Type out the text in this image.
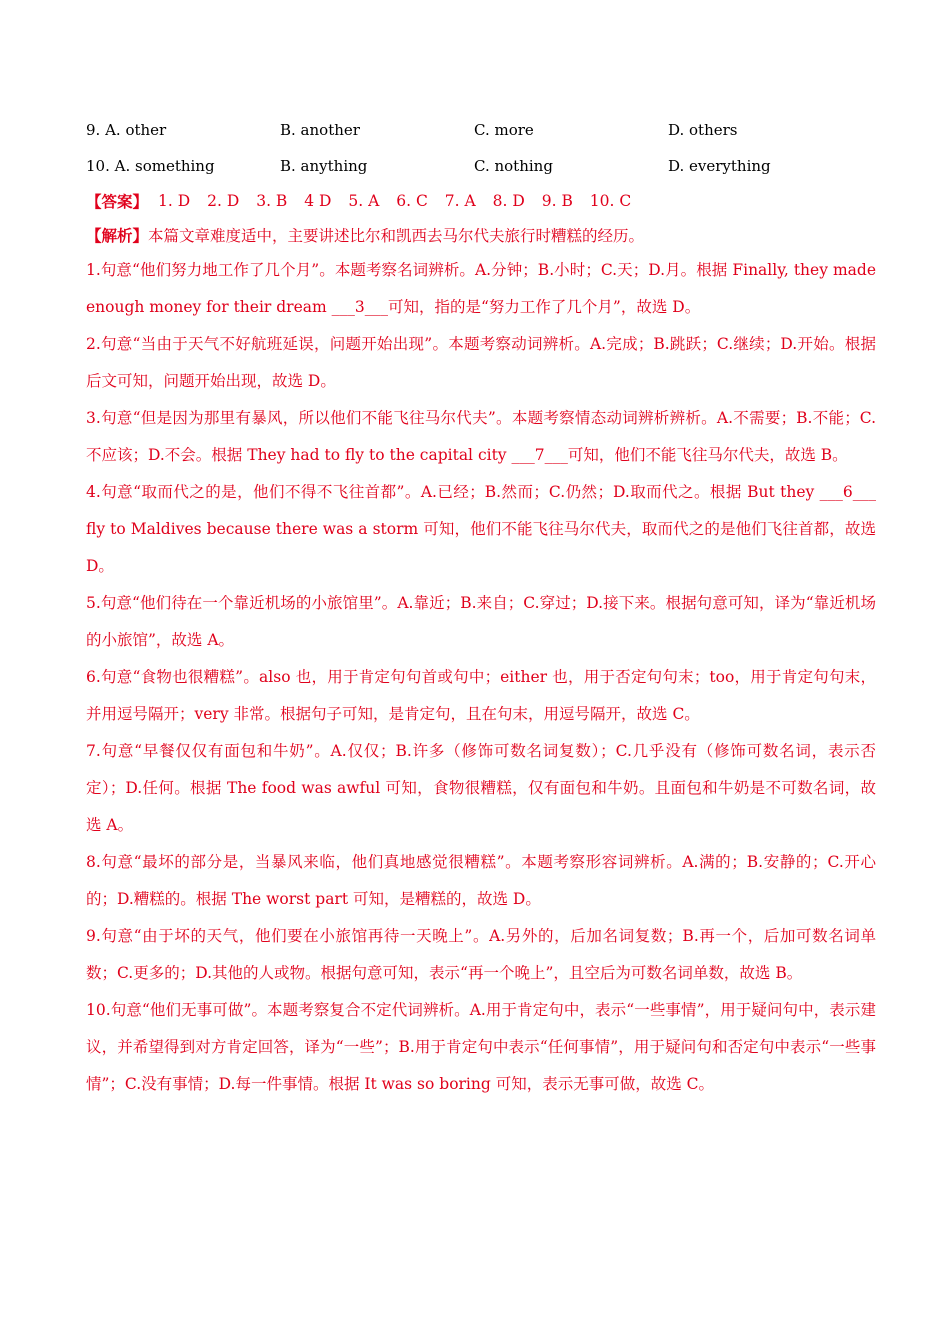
9. A. other	B. another	C. more	D. others
10. A. something	B. anything	C. nothing	D. everything
【答案】 1. D 2. D 3. B 4 D 5. A 6. C 7. A 8. D 9. B 10. C
【解析】 本篇文章难度适中，主要讲述比尔和凯西去马尔代夫旅行时糟糕的经历。

1.句意“他们努力地工作了几个月”。本题考察名词辨析。A.分钟；B.小时；C.天；D.月。根据 Finally, they made enough money for their dream ___3___可知，指的是“努力工作了几个月”，故选 D。

2.句意“当由于天气不好航班延误，问题开始出现”。本题考察动词辨析。A.完成；B.跳跃；C.继续；D.开始。根据后文可知，问题开始出现，故选 D。

3.句意“但是因为那里有暴风，所以他们不能飞往马尔代夫”。本题考察情态动词辨析辨析。A.不需要；B.不能；C.不应该；D.不会。根据 They had to fly to the capital city ___7___可知，他们不能飞往马尔代夫，故选 B。

4.句意“取而代之的是，他们不得不飞往首都”。A.已经；B.然而；C.仍然；D.取而代之。根据 But they ___6___ fly to Maldives because there was a storm 可知，他们不能飞往马尔代夫，取而代之的是他们飞往首都，故选 D。

5.句意“他们待在一个靠近机场的小旅馆里”。A.靠近；B.来自；C.穿过；D.接下来。根据句意可知，译为“靠近机场的小旅馆”，故选 A。

6.句意“食物也很糟糕”。also 也，用于肯定句句首或句中；either 也，用于否定句句末；too，用于肯定句句末，并用逗号隔开；very 非常。根据句子可知，是肯定句，且在句末，用逗号隔开，故选 C。

7.句意“早餐仅仅有面包和牛奶”。A.仅仅；B.许多（修饰可数名词复数）；C.几乎没有（修饰可数名词，表示否定）；D.任何。根据 The food was awful 可知，食物很糟糕，仅有面包和牛奶。且面包和牛奶是不可数名词，故选 A。

8.句意“最坏的部分是，当暴风来临，他们真地感觉很糟糕”。本题考察形容词辨析。A.满的；B.安静的；C.开心的；D.糟糕的。根据 The worst part 可知，是糟糕的，故选 D。

9.句意“由于坏的天气，他们要在小旅馆再待一天晚上”。A.另外的，后加名词复数；B.再一个，后加可数名词单数；C.更多的；D.其他的人或物。根据句意可知，表示“再一个晚上”，且空后为可数名词单数，故选 B。

10.句意“他们无事可做”。本题考察复合不定代词辨析。A.用于肯定句中，表示“一些事情”，用于疑问句中，表示建议，并希望得到对方肯定回答，译为“一些”；B.用于肯定句中表示“任何事情”，用于疑问句和否定句中表示“一些事情”；C.没有事情；D.每一件事情。根据 It was so boring 可知，表示无事可做，故选 C。
